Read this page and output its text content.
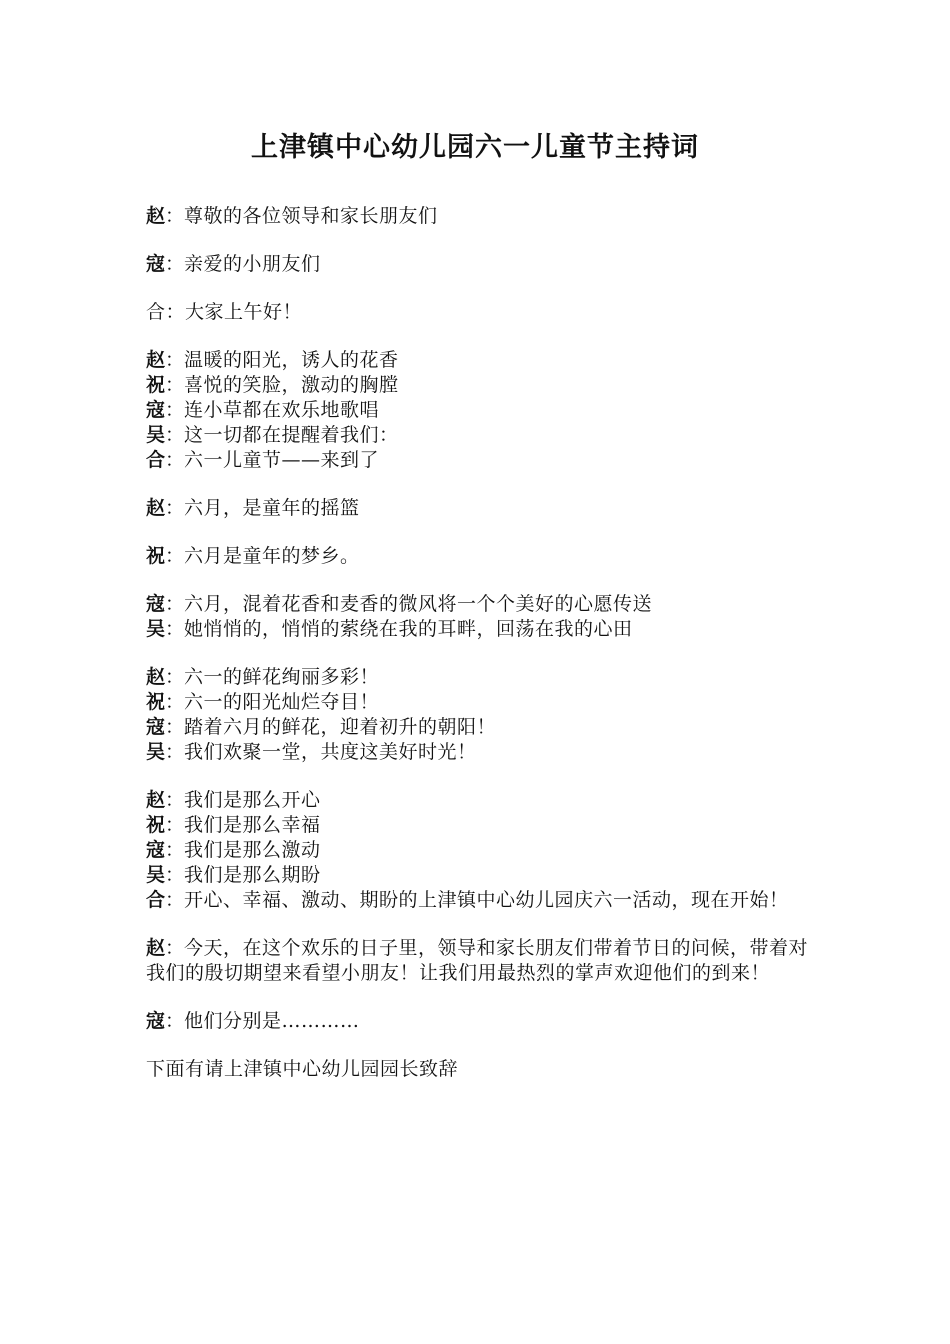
上津镇中心幼儿园六一儿童节主持词
赵：尊敬的各位领导和家长朋友们
寇：亲爱的小朋友们
合：大家上午好！
赵：温暖的阳光，诱人的花香
祝：喜悦的笑脸，激动的胸膛
寇：连小草都在欢乐地歌唱
吴：这一切都在提醒着我们：
合：六一儿童节——来到了
赵：六月，是童年的摇篮
祝：六月是童年的梦乡。
寇：六月，混着花香和麦香的微风将一个个美好的心愿传送
吴：她悄悄的，悄悄的萦绕在我的耳畔，回荡在我的心田
赵：六一的鲜花绚丽多彩！
祝：六一的阳光灿烂夺目！
寇：踏着六月的鲜花，迎着初升的朝阳！
吴：我们欢聚一堂，共度这美好时光！
赵：我们是那么开心
祝：我们是那么幸福
寇：我们是那么激动
吴：我们是那么期盼
合：开心、幸福、激动、期盼的上津镇中心幼儿园庆六一活动，现在开始！
赵：今天，在这个欢乐的日子里，领导和家长朋友们带着节日的问候，带着对我们的殷切期望来看望小朋友！让我们用最热烈的掌声欢迎他们的到来！
寇：他们分别是…………
下面有请上津镇中心幼儿园园长致辞
